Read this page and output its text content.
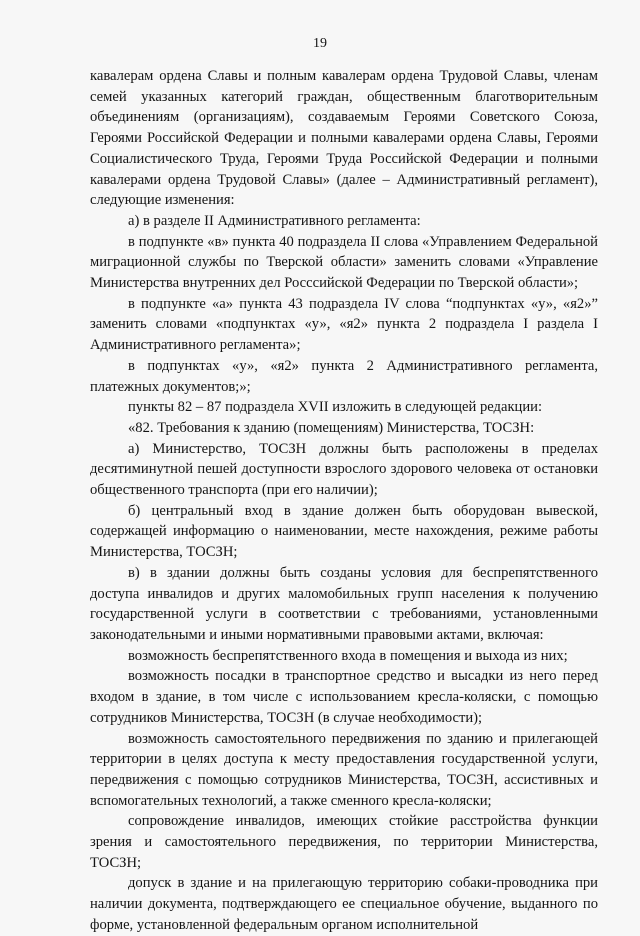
19

кавалерам ордена Славы и полным кавалерам ордена Трудовой Славы, членам семей указанных категорий граждан, общественным благотворительным объединениям (организациям), создаваемым Героями Советского Союза, Героями Российской Федерации и полными кавалерами ордена Славы, Героями Социалистического Труда, Героями Труда Российской Федерации и полными кавалерами ордена Трудовой Славы» (далее – Административный регламент), следующие изменения:

а) в разделе II Административного регламента:

в подпункте «в» пункта 40 подраздела II слова «Управлением Федеральной миграционной службы по Тверской области» заменить словами «Управление Министерства внутренних дел Росссийской Федерации по Тверской области»;

в подпункте «а» пункта 43 подраздела IV слова “подпунктах «у», «я2»” заменить словами «подпунктах «у», «я2» пункта 2 подраздела I раздела I Административного регламента»;

в подпунктах «у», «я2» пункта 2 Административного регламента, платежных документов;»;

пункты 82 – 87 подраздела XVII изложить в следующей редакции:

«82. Требования к зданию (помещениям) Министерства, ТОСЗН:

а) Министерство, ТОСЗН должны быть расположены в пределах десятиминутной пешей доступности взрослого здорового человека от остановки общественного транспорта (при его наличии);

б) центральный вход в здание должен быть оборудован вывеской, содержащей информацию о наименовании, месте нахождения, режиме работы Министерства, ТОСЗН;

в) в здании должны быть созданы условия для беспрепятственного доступа инвалидов и других маломобильных групп населения к получению государственной услуги в соответствии с требованиями, установленными законодательными и иными нормативными правовыми актами, включая:

возможность беспрепятственного входа в помещения и выхода из них;

возможность посадки в транспортное средство и высадки из него перед входом в здание, в том числе с использованием кресла-коляски, с помощью сотрудников Министерства, ТОСЗН (в случае необходимости);

возможность самостоятельного передвижения по зданию и прилегающей территории в целях доступа к месту предоставления государственной услуги, передвижения с помощью сотрудников Министерства, ТОСЗН, ассистивных и вспомогательных технологий, а также сменного кресла-коляски;

сопровождение инвалидов, имеющих стойкие расстройства функции зрения и самостоятельного передвижения, по территории Министерства, ТОСЗН;

допуск в здание и на прилегающую территорию собаки-проводника при наличии документа, подтверждающего ее специальное обучение, выданного по форме, установленной федеральным органом исполнительной
